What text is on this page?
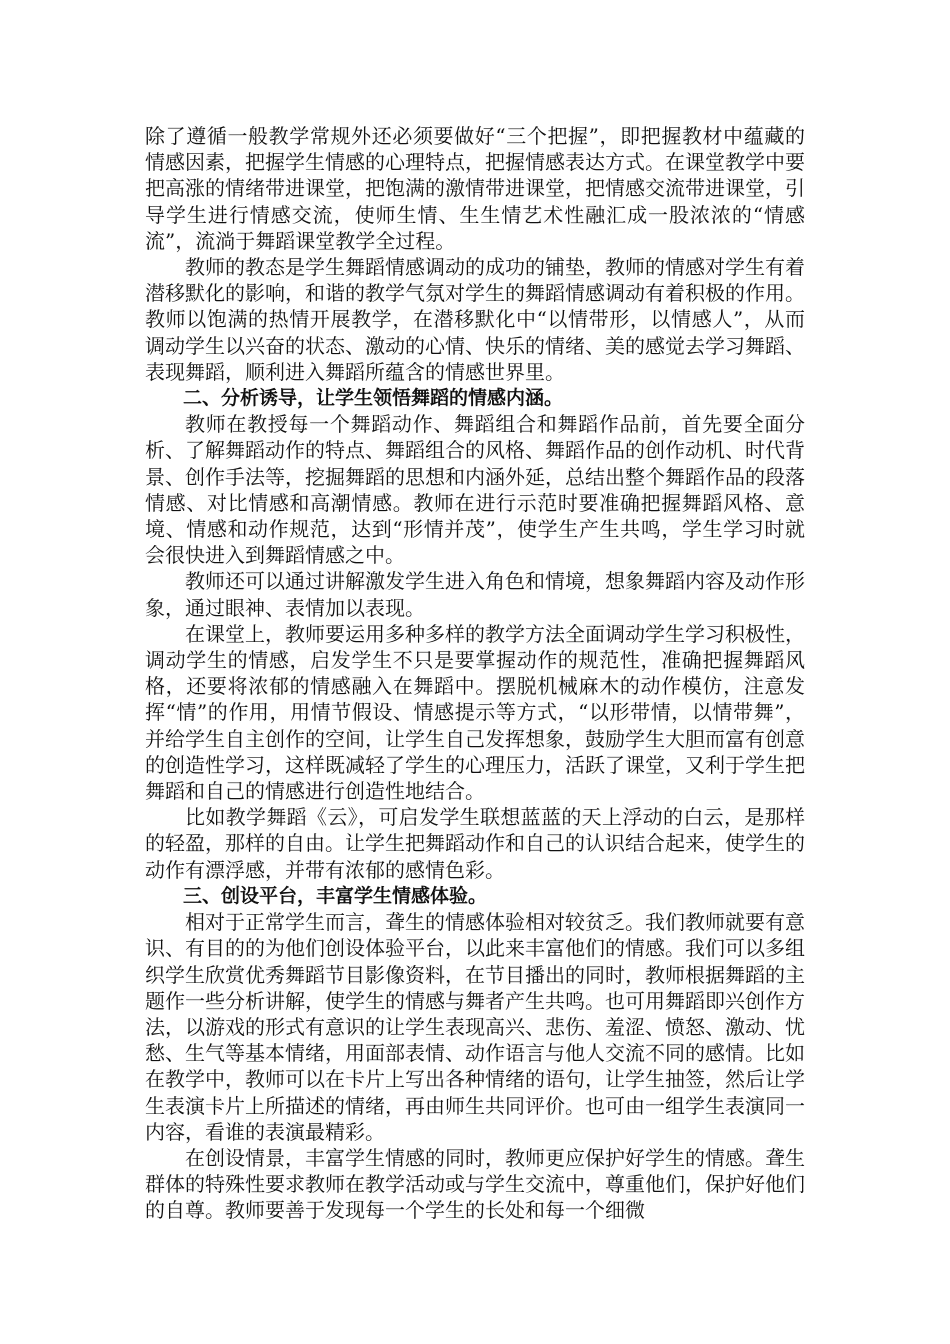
除了遵循一般教学常规外还必须要做好“三个把握”，即把握教材中蕴藏的情感因素，把握学生情感的心理特点，把握情感表达方式。在课堂教学中要把高涨的情绪带进课堂，把饱满的激情带进课堂，把情感交流带进课堂，引导学生进行情感交流，使师生情、生生情艺术性融汇成一股浓浓的“情感流”，流淌于舞蹈课堂教学全过程。

教师的教态是学生舞蹈情感调动的成功的铺垫，教师的情感对学生有着潜移默化的影响，和谐的教学气氛对学生的舞蹈情感调动有着积极的作用。教师以饱满的热情开展教学，在潜移默化中“以情带形，以情感人”，从而调动学生以兴奋的状态、激动的心情、快乐的情绪、美的感觉去学习舞蹈、表现舞蹈，顺利进入舞蹈所蕴含的情感世界里。

二、分析诱导，让学生领悟舞蹈的情感内涵。

教师在教授每一个舞蹈动作、舞蹈组合和舞蹈作品前，首先要全面分析、了解舞蹈动作的特点、舞蹈组合的风格、舞蹈作品的创作动机、时代背景、创作手法等，挖掘舞蹈的思想和内涵外延，总结出整个舞蹈作品的段落情感、对比情感和高潮情感。教师在进行示范时要准确把握舞蹈风格、意境、情感和动作规范，达到“形情并茂”，使学生产生共鸣，学生学习时就会很快进入到舞蹈情感之中。

教师还可以通过讲解激发学生进入角色和情境，想象舞蹈内容及动作形象，通过眼神、表情加以表现。

在课堂上，教师要运用多种多样的教学方法全面调动学生学习积极性，调动学生的情感，启发学生不只是要掌握动作的规范性，准确把握舞蹈风格，还要将浓郁的情感融入在舞蹈中。摆脱机械麻木的动作模仿，注意发挥“情”的作用，用情节假设、情感提示等方式，“以形带情，以情带舞”，并给学生自主创作的空间，让学生自己发挥想象，鼓励学生大胆而富有创意的创造性学习，这样既减轻了学生的心理压力，活跃了课堂，又利于学生把舞蹈和自己的情感进行创造性地结合。

比如教学舞蹈《云》，可启发学生联想蓝蓝的天上浮动的白云，是那样的轻盈，那样的自由。让学生把舞蹈动作和自己的认识结合起来，使学生的动作有漂浮感，并带有浓郁的感情色彩。

三、创设平台，丰富学生情感体验。

相对于正常学生而言，聋生的情感体验相对较贫乏。我们教师就要有意识、有目的的为他们创设体验平台，以此来丰富他们的情感。我们可以多组织学生欣赏优秀舞蹈节目影像资料，在节目播出的同时，教师根据舞蹈的主题作一些分析讲解，使学生的情感与舞者产生共鸣。也可用舞蹈即兴创作方法，以游戏的形式有意识的让学生表现高兴、悲伤、羞涩、愤怒、激动、忧愁、生气等基本情绪，用面部表情、动作语言与他人交流不同的感情。比如在教学中，教师可以在卡片上写出各种情绪的语句，让学生抽签，然后让学生表演卡片上所描述的情绪，再由师生共同评价。也可由一组学生表演同一内容，看谁的表演最精彩。

在创设情景，丰富学生情感的同时，教师更应保护好学生的情感。聋生群体的特殊性要求教师在教学活动或与学生交流中，尊重他们，保护好他们的自尊。教师要善于发现每一个学生的长处和每一个细微
